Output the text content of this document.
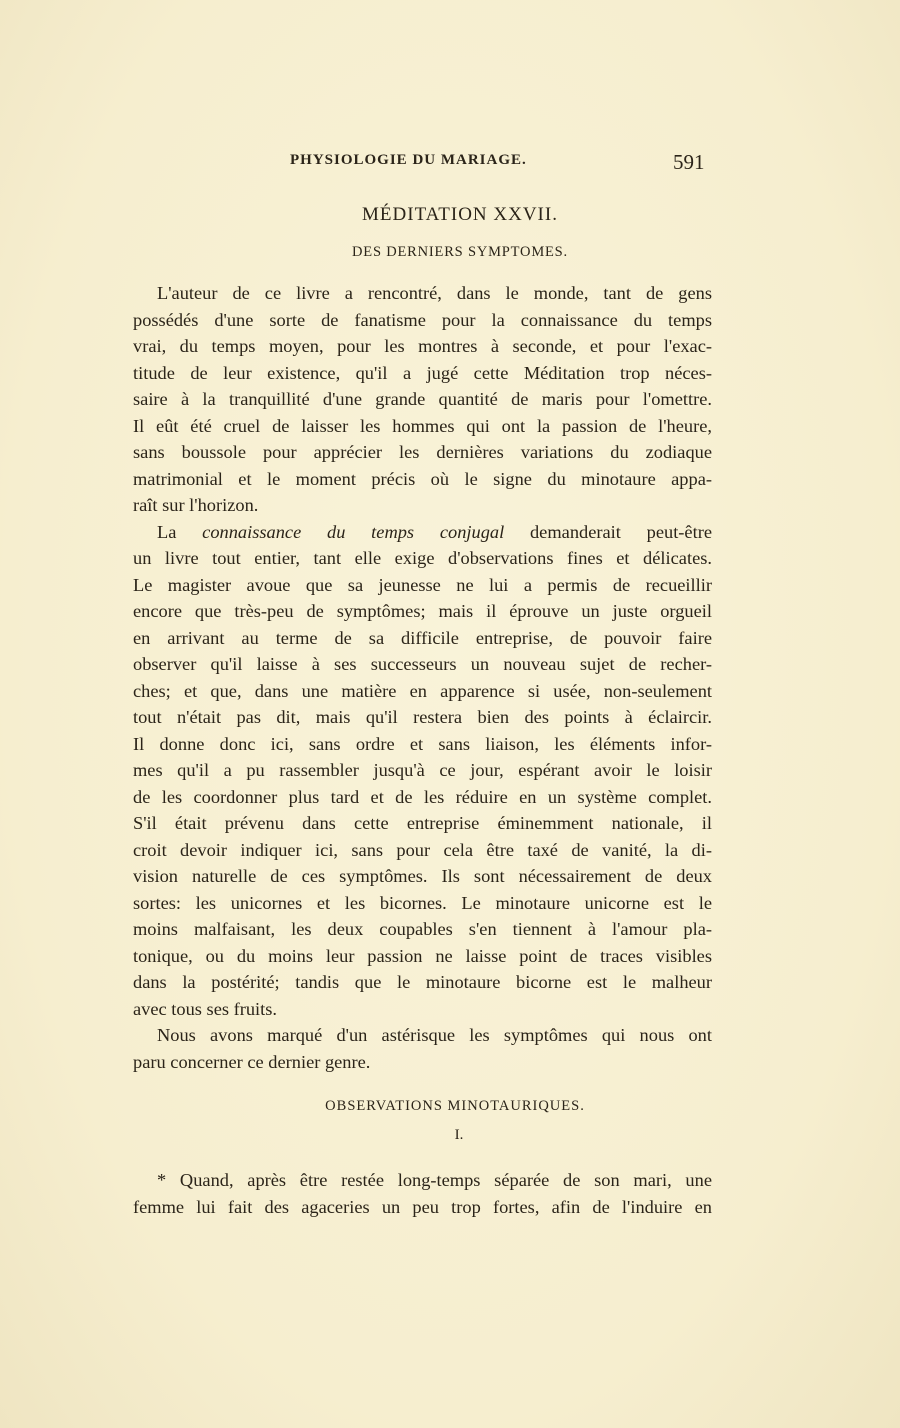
PHYSIOLOGIE DU MARIAGE.	591
MÉDITATION XXVII.
DES DERNIERS SYMPTOMES.
L'auteur de ce livre a rencontré, dans le monde, tant de gens
possédés d'une sorte de fanatisme pour la connaissance du temps
vrai, du temps moyen, pour les montres à seconde, et pour l'exac-
titude de leur existence, qu'il a jugé cette Méditation trop néces-
saire à la tranquillité d'une grande quantité de maris pour l'omettre.
Il eût été cruel de laisser les hommes qui ont la passion de l'heure,
sans boussole pour apprécier les dernières variations du zodiaque
matrimonial et le moment précis où le signe du minotaure appa-
raît sur l'horizon.
La connaissance du temps conjugal demanderait peut-être
un livre tout entier, tant elle exige d'observations fines et délicates.
Le magister avoue que sa jeunesse ne lui a permis de recueillir
encore que très-peu de symptômes; mais il éprouve un juste orgueil
en arrivant au terme de sa difficile entreprise, de pouvoir faire
observer qu'il laisse à ses successeurs un nouveau sujet de recher-
ches; et que, dans une matière en apparence si usée, non-seulement
tout n'était pas dit, mais qu'il restera bien des points à éclaircir.
Il donne donc ici, sans ordre et sans liaison, les éléments infor-
mes qu'il a pu rassembler jusqu'à ce jour, espérant avoir le loisir
de les coordonner plus tard et de les réduire en un système complet.
S'il était prévenu dans cette entreprise éminemment nationale, il
croit devoir indiquer ici, sans pour cela être taxé de vanité, la di-
vision naturelle de ces symptômes. Ils sont nécessairement de deux
sortes: les unicornes et les bicornes. Le minotaure unicorne est le
moins malfaisant, les deux coupables s'en tiennent à l'amour pla-
tonique, ou du moins leur passion ne laisse point de traces visibles
dans la postérité; tandis que le minotaure bicorne est le malheur
avec tous ses fruits.
Nous avons marqué d'un astérisque les symptômes qui nous ont
paru concerner ce dernier genre.
OBSERVATIONS MINOTAURIQUES.
I.
* Quand, après être restée long-temps séparée de son mari, une
femme lui fait des agaceries un peu trop fortes, afin de l'induire en
